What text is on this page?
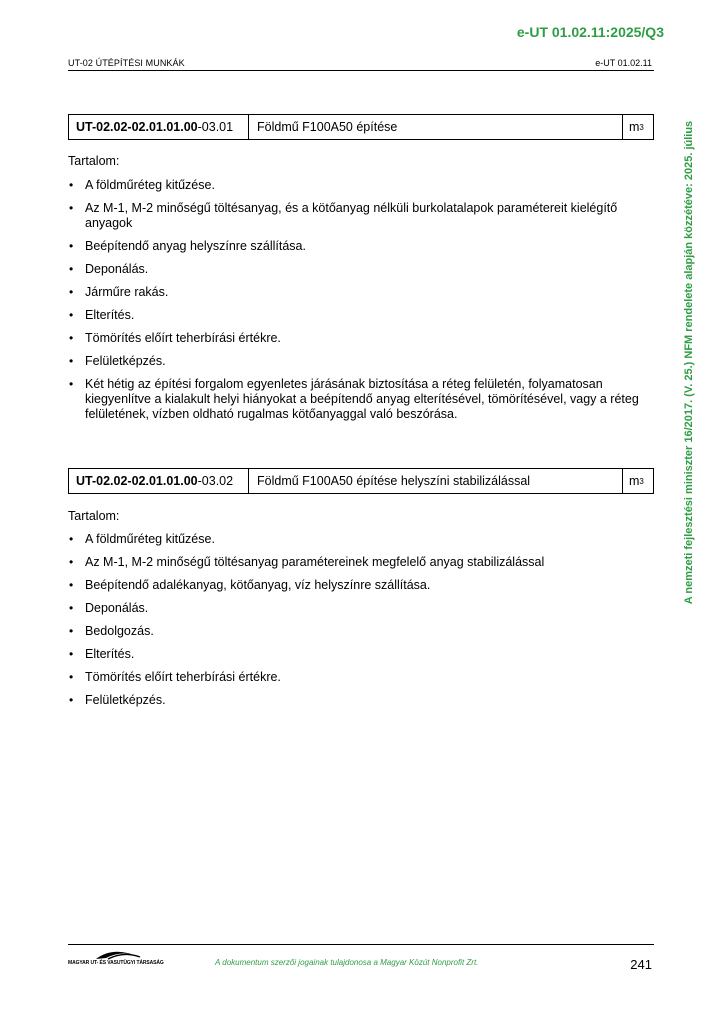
e-UT 01.02.11:2025/Q3
UT-02 ÚTÉPÍTÉSI MUNKÁK	e-UT 01.02.11
A nemzeti fejlesztési miniszter 16/2017. (V. 25.) NFM rendelete alapján közzétéve: 2025. július
UT-02.02-02.01.01.00 -03.01	Földmű F100A50 építése	m 3
Tartalom:
• A földműréteg kitűzése.
• Az M-1, M-2 minőségű töltésanyag, és a kötőanyag nélküli burkolatalapok paramétereit kielégítő anyagok
• Beépítendő anyag helyszínre szállítása.
• Deponálás.
• Járműre rakás.
• Elterítés.
• Tömörítés előírt teherbírási értékre.
• Felületképzés.
• Két hétig az építési forgalom egyenletes járásának biztosítása a réteg felületén, folyamatosan kiegyenlítve a kialakult helyi hiányokat a beépítendő anyag elterítésével, tömörítésével, vagy a réteg felületének, vízben oldható rugalmas kötőanyaggal való beszórása.
UT-02.02-02.01.01.00 -03.02	Földmű F100A50 építése helyszíni stabilizálással	m 3
Tartalom:
• A földműréteg kitűzése.
• Az M-1, M-2 minőségű töltésanyag paramétereinek megfelelő anyag stabilizálással
• Beépítendő adalékanyag, kötőanyag, víz helyszínre szállítása.
• Deponálás.
• Bedolgozás.
• Elterítés.
• Tömörítés előírt teherbírási értékre.
• Felületképzés.
MAGYAR UT- ÉS VASUTÜGYI TÁRSASÁG	A dokumentum szerzői jogainak tulajdonosa a Magyar Közút Nonprofit Zrt.	241
